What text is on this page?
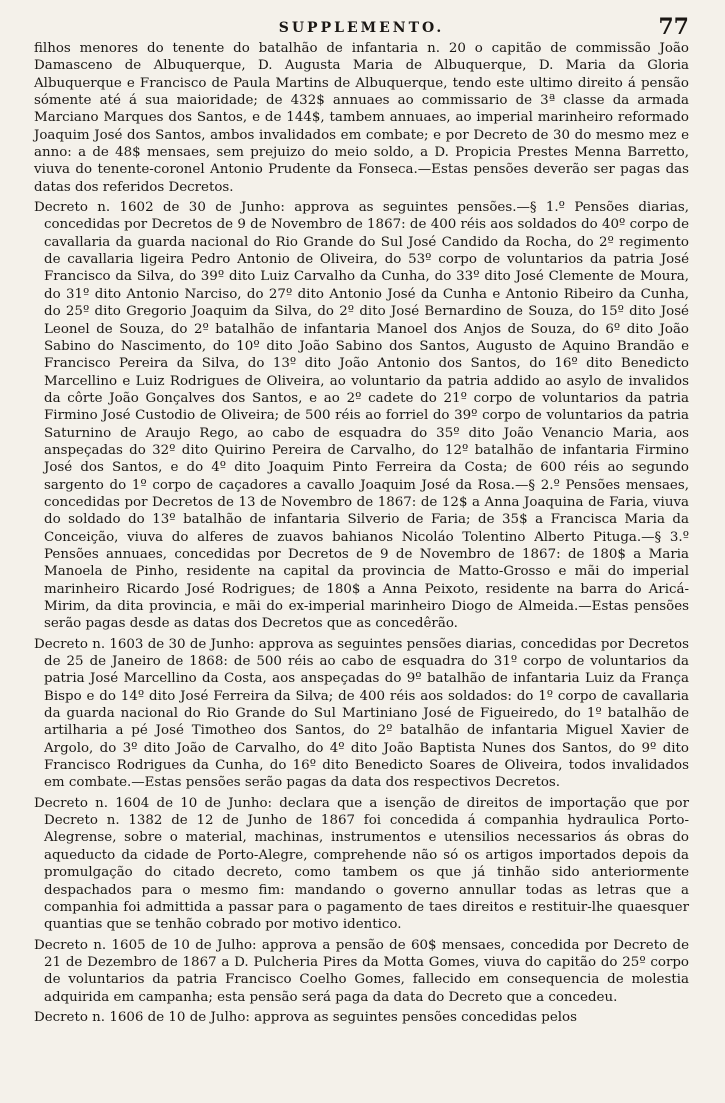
SUPPLEMENTO.	77

filhos menores do tenente do batalhão de infantaria n. 20 o capitão de commissão João Damasceno de Albuquerque, D. Augusta Maria de Albuquerque, D. Maria da Gloria Albuquerque e Francisco de Paula Martins de Albuquerque, tendo este ultimo direito á pensão sómente até á sua maioridade; de 432$ annuaes ao commissario de 3ª classe da armada Marciano Marques dos Santos, e de 144$, tambem annuaes, ao imperial marinheiro reformado Joaquim José dos Santos, ambos invalidados em combate; e por Decreto de 30 do mesmo mez e anno: a de 48$ mensaes, sem prejuizo do meio soldo, a D. Propicia Prestes Menna Barretto, viuva do tenente-coronel Antonio Prudente da Fonseca.—Estas pensões deverão ser pagas das datas dos referidos Decretos.

Decreto n. 1602 de 30 de Junho: approva as seguintes pensões.—§ 1.º Pensões diarias, concedidas por Decretos de 9 de Novembro de 1867: de 400 réis aos soldados do 40º corpo de cavallaria da guarda nacional do Rio Grande do Sul José Candido da Rocha, do 2º regimento de cavallaria ligeira Pedro Antonio de Oliveira, do 53º corpo de voluntarios da patria José Francisco da Silva, do 39º dito Luiz Carvalho da Cunha, do 33º dito José Clemente de Moura, do 31º dito Antonio Narciso, do 27º dito Antonio José da Cunha e Antonio Ribeiro da Cunha, do 25º dito Gregorio Joaquim da Silva, do 2º dito José Bernardino de Souza, do 15º dito José Leonel de Souza, do 2º batalhão de infantaria Manoel dos Anjos de Souza, do 6º dito João Sabino do Nascimento, do 10º dito João Sabino dos Santos, Augusto de Aquino Brandão e Francisco Pereira da Silva, do 13º dito João Antonio dos Santos, do 16º dito Benedicto Marcellino e Luiz Rodrigues de Oliveira, ao voluntario da patria addido ao asylo de invalidos da côrte João Gonçalves dos Santos, e ao 2º cadete do 21º corpo de voluntarios da patria Firmino José Custodio de Oliveira; de 500 réis ao forriel do 39º corpo de voluntarios da patria Saturnino de Araujo Rego, ao cabo de esquadra do 35º dito João Venancio Maria, aos anspeçadas do 32º dito Quirino Pereira de Carvalho, do 12º batalhão de infantaria Firmino José dos Santos, e do 4º dito Joaquim Pinto Ferreira da Costa; de 600 réis ao segundo sargento do 1º corpo de caçadores a cavallo Joaquim José da Rosa.—§ 2.º Pensões mensaes, concedidas por Decretos de 13 de Novembro de 1867: de 12$ a Anna Joaquina de Faria, viuva do soldado do 13º batalhão de infantaria Silverio de Faria; de 35$ a Francisca Maria da Conceição, viuva do alferes de zuavos bahianos Nicoláo Tolentino Alberto Pituga.—§ 3.º Pensões annuaes, concedidas por Decretos de 9 de Novembro de 1867: de 180$ a Maria Manoela de Pinho, residente na capital da provincia de Matto-Grosso e mãi do imperial marinheiro Ricardo José Rodrigues; de 180$ a Anna Peixoto, residente na barra do Aricá-Mirim, da dita provincia, e mãi do ex-imperial marinheiro Diogo de Almeida.—Estas pensões serão pagas desde as datas dos Decretos que as concedêrão.

Decreto n. 1603 de 30 de Junho: approva as seguintes pensões diarias, concedidas por Decretos de 25 de Janeiro de 1868: de 500 réis ao cabo de esquadra do 31º corpo de voluntarios da patria José Marcellino da Costa, aos anspeçadas do 9º batalhão de infantaria Luiz da França Bispo e do 14º dito José Ferreira da Silva; de 400 réis aos soldados: do 1º corpo de cavallaria da guarda nacional do Rio Grande do Sul Martiniano José de Figueiredo, do 1º batalhão de artilharia a pé José Timotheo dos Santos, do 2º batalhão de infantaria Miguel Xavier de Argolo, do 3º dito João de Carvalho, do 4º dito João Baptista Nunes dos Santos, do 9º dito Francisco Rodrigues da Cunha, do 16º dito Benedicto Soares de Oliveira, todos invalidados em combate.—Estas pensões serão pagas da data dos respectivos Decretos.

Decreto n. 1604 de 10 de Junho: declara que a isenção de direitos de importação que por Decreto n. 1382 de 12 de Junho de 1867 foi concedida á companhia hydraulica Porto-Alegrense, sobre o material, machinas, instrumentos e utensilios necessarios ás obras do aqueducto da cidade de Porto-Alegre, comprehende não só os artigos importados depois da promulgação do citado decreto, como tambem os que já tinhão sido anteriormente despachados para o mesmo fim: mandando o governo annullar todas as letras que a companhia foi admittida a passar para o pagamento de taes direitos e restituir-lhe quaesquer quantias que se tenhão cobrado por motivo identico.

Decreto n. 1605 de 10 de Julho: approva a pensão de 60$ mensaes, concedida por Decreto de 21 de Dezembro de 1867 a D. Pulcheria Pires da Motta Gomes, viuva do capitão do 25º corpo de voluntarios da patria Francisco Coelho Gomes, fallecido em consequencia de molestia adquirida em campanha; esta pensão será paga da data do Decreto que a concedeu.

Decreto n. 1606 de 10 de Julho: approva as seguintes pensões concedidas pelos
